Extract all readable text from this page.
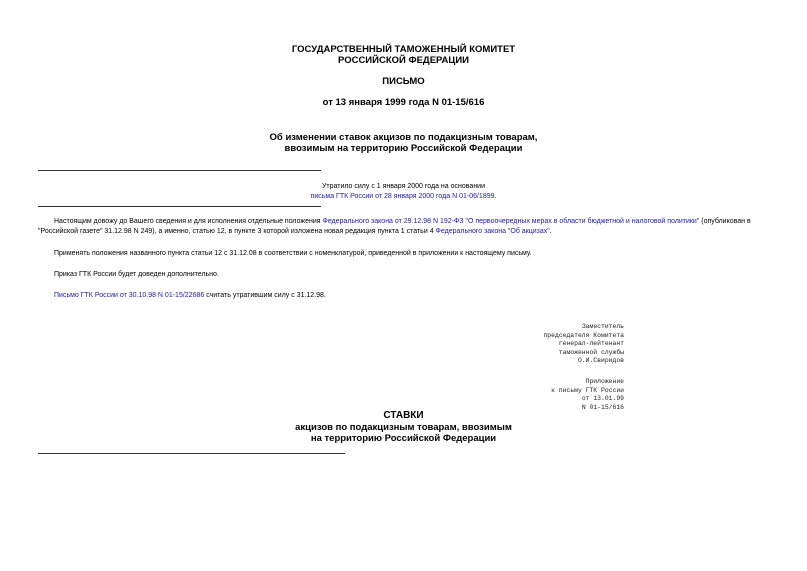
ГОСУДАРСТВЕННЫЙ ТАМОЖЕННЫЙ КОМИТЕТ
РОССИЙСКОЙ ФЕДЕРАЦИИ
ПИСЬМО
от 13 января 1999 года N 01-15/616
Об изменении ставок акцизов по подакцизным товарам,
ввозимым на территорию Российской Федерации
Утратило силу с 1 января 2000 года на основании
письма ГТК России от 28 января 2000 года N 01-06/1899.
Настоящим довожу до Вашего сведения и для исполнения отдельные положения Федерального закона от 29.12.98 N 192-ФЗ "О первоочередных мерах в области бюджетной и налоговой политики" (опубликован в "Российской газете" 31.12.98 N 249), а именно, статью 12, в пункте 3 которой изложена новая редакция пункта 1 статьи 4 Федерального закона "Об акцизах".
Применять положения названного пункта статьи 12 с 31.12.08 в соответствии с номенклатурой, приведенной в приложении к настоящему письму.
Приказ ГТК России будет доведен дополнительно.
Письмо ГТК России от 30.10.98 N 01-15/22686 считать утратившим силу с 31.12.98.
Заместитель
председателя Комитета
генерал-лейтенант
таможенной службы
О.И.Свиридов
Приложение
к письму ГТК России
от 13.01.99
N 01-15/616
СТАВКИ
акцизов по подакцизным товарам, ввозимым
на территорию Российской Федерации
